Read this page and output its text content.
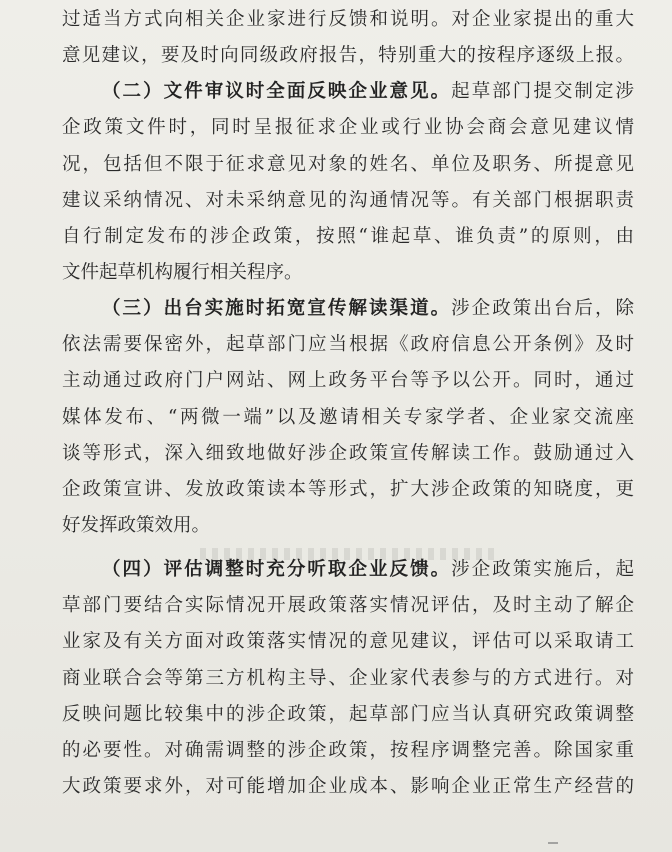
过适当方式向相关企业家进行反馈和说明。对企业家提出的重大
意见建议，要及时向同级政府报告，特别重大的按程序逐级上报。
（二）文件审议时全面反映企业意见。起草部门提交制定涉
企政策文件时，同时呈报征求企业或行业协会商会意见建议情
况，包括但不限于征求意见对象的姓名、单位及职务、所提意见
建议采纳情况、对未采纳意见的沟通情况等。有关部门根据职责
自行制定发布的涉企政策，按照“谁起草、谁负责”的原则，由
文件起草机构履行相关程序。
（三）出台实施时拓宽宣传解读渠道。涉企政策出台后，除
依法需要保密外，起草部门应当根据《政府信息公开条例》及时
主动通过政府门户网站、网上政务平台等予以公开。同时，通过
媒体发布、“两微一端”以及邀请相关专家学者、企业家交流座
谈等形式，深入细致地做好涉企政策宣传解读工作。鼓励通过入
企政策宣讲、发放政策读本等形式，扩大涉企政策的知晓度，更
好发挥政策效用。
（四）评估调整时充分听取企业反馈。涉企政策实施后，起
草部门要结合实际情况开展政策落实情况评估，及时主动了解企
业家及有关方面对政策落实情况的意见建议，评估可以采取请工
商业联合会等第三方机构主导、企业家代表参与的方式进行。对
反映问题比较集中的涉企政策，起草部门应当认真研究政策调整
的必要性。对确需调整的涉企政策，按程序调整完善。除国家重
大政策要求外，对可能增加企业成本、影响企业正常生产经营的
